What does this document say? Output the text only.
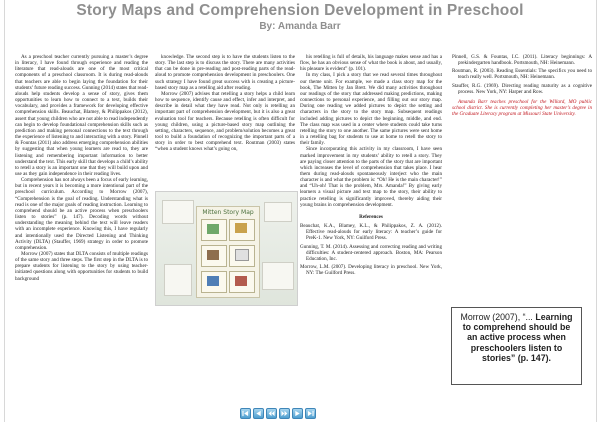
Story Maps and Comprehension Development in Preschool
By: Amanda Barr

As a preschool teacher currently pursuing a master’s degree in literacy, I have found through experience and reading the literature that read-alouds are one of the most critical components of a preschool classroom. It is during read-alouds that teachers are able to begin laying the foundation for their students’ future reading success. Gunning (2014) states that read-alouds help students develop a sense of story, gives them opportunities to learn how to connect to a text, builds their vocabulary, and provides a framework for developing effective comprehension skills. Beauchat, Blamey, & Philippakos (2012), assert that young children who are not able to read independently can begin to develop foundational comprehension skills such as prediction and making personal connections to the text through the experience of listening to and interacting with a story. Pinnell & Fountas (2011) also address emerging comprehension abilities by suggesting that when young learners are read to, they are listening and remembering important information to better understand the text. This early skill that develops a child’s ability to retell a story is an important one that they will build upon and use as they gain independence in their reading lives.

Comprehension has not always been a focus of early learning, but in recent years it is becoming a more intentional part of the preschool curriculum. According to Morrow (2007), “Comprehension is the goal of reading. Understanding what is read is one of the major goals of reading instruction. Learning to comprehend should be an active process when preschoolers listen to stories” (p. 147). Decoding words without understanding the meaning behind the text will leave readers with an incomplete experience. Knowing this, I have regularly and intentionally used the Directed Listening and Thinking Activity (DLTA) (Stauffer, 1969) strategy in order to promote comprehension.

Morrow (2007) states that DLTA consists of multiple readings of the same story and three steps. The first step in the DLTA is to prepare students for listening to the story by using teacher-initiated questions along with opportunities for students to build background

knowledge. The second step is to have the students listen to the story. The last step is to discuss the story. There are many activities that can be done in pre-reading and post-reading parts of the read-aloud to promote comprehension development in preschoolers. One such strategy I have found great success with is creating a picture-based story map as a retelling aid after reading.

Morrow (2007) advises that retelling a story helps a child learn how to sequence, identify cause and effect, infer and interpret, and describe in detail what they have read. Not only is retelling an important part of comprehension development, but it is also a great evaluation tool for teachers. Because retelling is often difficult for young children, using a picture-based story map outlining the setting, characters, sequence, and problem/solution becomes a great tool to build a foundation of recognizing the important parts of a story in order to best comprehend text. Routman (2003) states “when a student knows what’s going on,

Mitten Story Map

his retelling is full of details, his language makes sense and has a flow, he has an obvious sense of what the book is about, and usually, his pleasure is evident” (p. 101).

In my class, I pick a story that we read several times throughout our theme unit. For example, we made a class story map for the book, The Mitten by Jan Brett. We did many activities throughout our readings of the story that addressed making predictions, making connections to personal experience, and filling out our story map. During one reading we added pictures to depict the setting and characters in the story to the story map. Subsequent readings included adding pictures to depict the beginning, middle, and end. The class map was used in a center where students could take turns retelling the story to one another. The same pictures were sent home in a retelling bag for students to use at home to retell the story to their family.

Since incorporating this activity in my classroom, I have seen marked improvement in my students’ ability to retell a story. They are paying closer attention to the parts of the story that are important which increases the level of comprehension that takes place. I hear them during read-alouds spontaneously interject who the main character is and what the problem is: “Oh! He is the main character!” and “Uh-oh! That is the problem, Mrs. Amanda!” By giving early learners a visual picture and text map to the story, their ability to practice retelling is significantly improved, thereby aiding their young brains in comprehension development.

References

Beauchat, K.A., Blamey, K.L., & Philippakos, Z. A. (2012). Effective read-alouds for early literacy: A teacher’s guide for PreK-1. New York, NY: Guilford Press.

Gunning, T. M. (2014). Assessing and correcting reading and writing difficulties: A student-centered approach. Boston, MA: Pearson Education, Inc.

Morrow, L.M. (2007). Developing literacy in preschool. New York, NY: The Guilford Press.

Pinnell, G.S. & Fountas, I.C. (2011). Literacy beginnings: A prekindergarten handbook. Portsmouth, NH: Heinemann.

Routman, R. (2003). Reading Essentials: The specifics you need to teach really well. Portsmouth, NH: Heinemann.

Stauffer, R.G. (1969). Directing reading maturity as a cognitive process. New York, NY: Harper and Row.

Amanda Barr teaches preschool for the Willard, MO public school district. She is currently completing her master’s degree in the Graduate Literacy program at Missouri State University.

Morrow (2007), “... Learning to comprehend should be an active process when preschoolers listen to stories” (p. 147).
